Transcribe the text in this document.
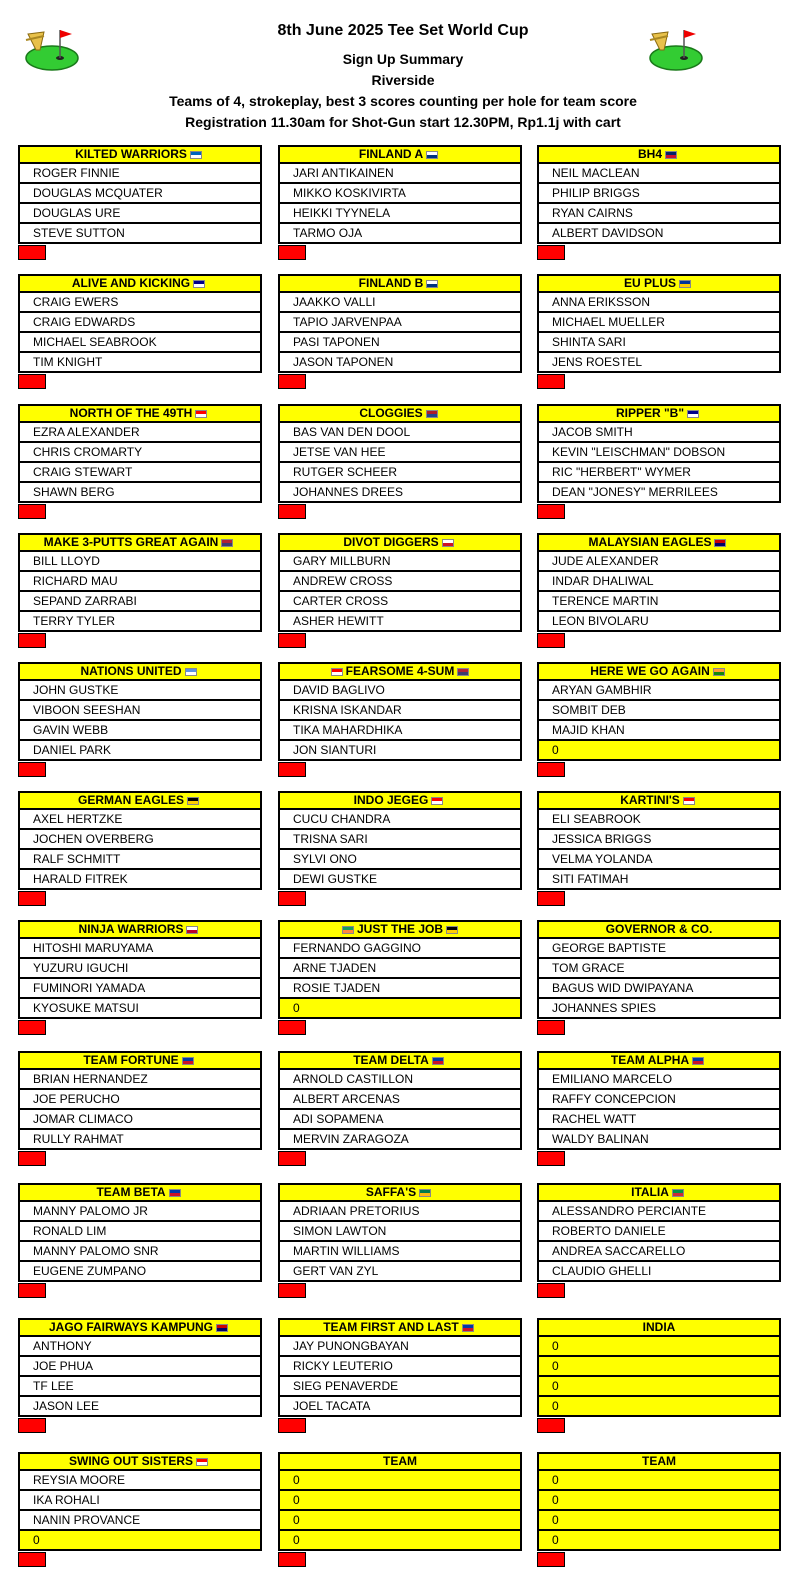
8th June 2025 Tee Set World Cup
Sign Up Summary
Riverside
Teams of 4, strokeplay, best 3 scores counting per hole for team score
Registration 11.30am for Shot-Gun start 12.30PM, Rp1.1j with cart
KILTED WARRIORS
ROGER FINNIE
DOUGLAS MCQUATER
DOUGLAS URE
STEVE SUTTON
FINLAND A
JARI ANTIKAINEN
MIKKO KOSKIVIRTA
HEIKKI TYYNELA
TARMO OJA
BH4
NEIL MACLEAN
PHILIP BRIGGS
RYAN CAIRNS
ALBERT DAVIDSON
ALIVE AND KICKING
CRAIG EWERS
CRAIG EDWARDS
MICHAEL SEABROOK
TIM KNIGHT
FINLAND B
JAAKKO VALLI
TAPIO JARVENPAA
PASI TAPONEN
JASON TAPONEN
EU PLUS
ANNA ERIKSSON
MICHAEL MUELLER
SHINTA SARI
JENS ROESTEL
NORTH OF THE 49TH
EZRA ALEXANDER
CHRIS CROMARTY
CRAIG STEWART
SHAWN BERG
CLOGGIES
BAS VAN DEN DOOL
JETSE VAN HEE
RUTGER SCHEER
JOHANNES DREES
RIPPER "B"
JACOB SMITH
KEVIN "LEISCHMAN" DOBSON
RIC "HERBERT" WYMER
DEAN "JONESY" MERRILEES
MAKE 3-PUTTS GREAT AGAIN
BILL LLOYD
RICHARD MAU
SEPAND ZARRABI
TERRY TYLER
DIVOT DIGGERS
GARY MILLBURN
ANDREW CROSS
CARTER CROSS
ASHER HEWITT
MALAYSIAN EAGLES
JUDE ALEXANDER
INDAR DHALIWAL
TERENCE MARTIN
LEON BIVOLARU
NATIONS UNITED
JOHN GUSTKE
VIBOON SEESHAN
GAVIN WEBB
DANIEL PARK
FEARSOME 4-SUM
DAVID BAGLIVO
KRISNA ISKANDAR
TIKA MAHARDHIKA
JON SIANTURI
HERE WE GO AGAIN
ARYAN GAMBHIR
SOMBIT DEB
MAJID KHAN
0
GERMAN EAGLES
AXEL HERTZKE
JOCHEN OVERBERG
RALF SCHMITT
HARALD FITREK
INDO JEGEG
CUCU CHANDRA
TRISNA SARI
SYLVI ONO
DEWI GUSTKE
KARTINI'S
ELI SEABROOK
JESSICA BRIGGS
VELMA YOLANDA
SITI FATIMAH
NINJA WARRIORS
HITOSHI MARUYAMA
YUZURU IGUCHI
FUMINORI YAMADA
KYOSUKE MATSUI
JUST THE JOB
FERNANDO GAGGINO
ARNE TJADEN
ROSIE TJADEN
0
GOVERNOR & CO.
GEORGE BAPTISTE
TOM GRACE
BAGUS WID DWIPAYANA
JOHANNES SPIES
TEAM FORTUNE
BRIAN HERNANDEZ
JOE PERUCHO
JOMAR CLIMACO
RULLY RAHMAT
TEAM DELTA
ARNOLD CASTILLON
ALBERT ARCENAS
ADI SOPAMENA
MERVIN ZARAGOZA
TEAM ALPHA
EMILIANO MARCELO
RAFFY CONCEPCION
RACHEL WATT
WALDY BALINAN
TEAM BETA
MANNY PALOMO JR
RONALD LIM
MANNY PALOMO SNR
EUGENE ZUMPANO
SAFFA'S
ADRIAAN PRETORIUS
SIMON LAWTON
MARTIN WILLIAMS
GERT VAN ZYL
ITALIA
ALESSANDRO PERCIANTE
ROBERTO DANIELE
ANDREA SACCARELLO
CLAUDIO GHELLI
JAGO FAIRWAYS KAMPUNG
ANTHONY
JOE PHUA
TF LEE
JASON LEE
TEAM FIRST AND LAST
JAY PUNONGBAYAN
RICKY LEUTERIO
SIEG PENAVERDE
JOEL TACATA
INDIA
0
0
0
0
SWING OUT SISTERS
REYSIA MOORE
IKA ROHALI
NANIN PROVANCE
0
TEAM
0
0
0
0
TEAM
0
0
0
0
